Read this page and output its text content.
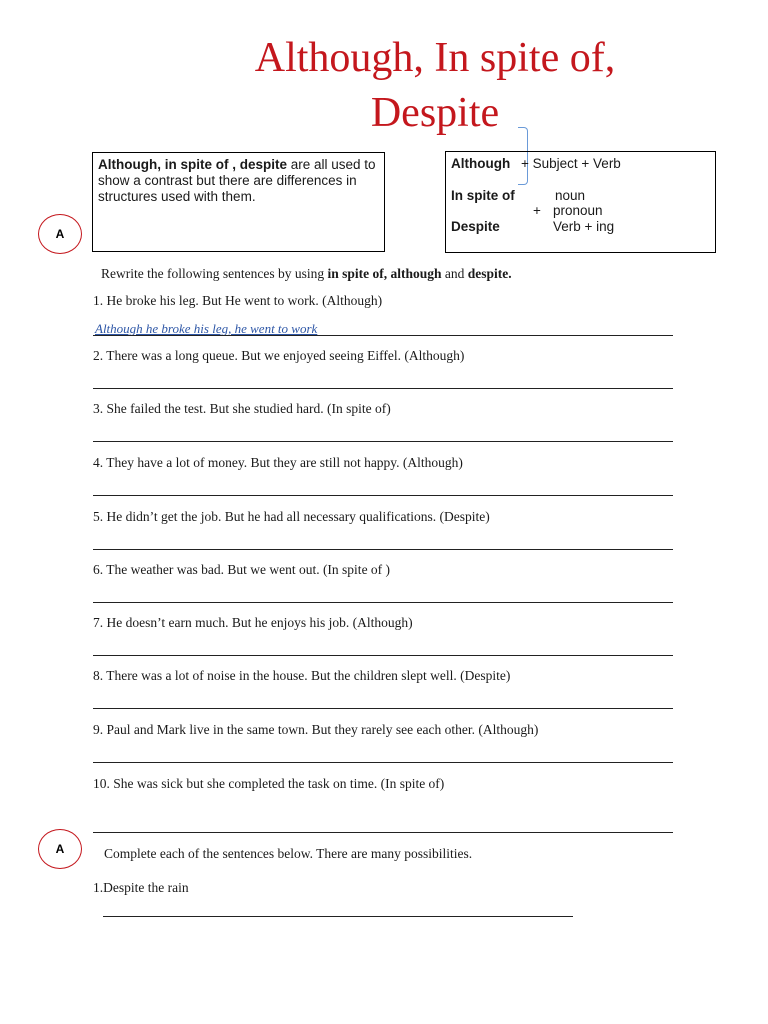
Although, In spite of,
Despite
Although, in spite of , despite are all used to show a contrast but there are differences in structures used with them.
Although + Subject + Verb
In spite of	noun
+ pronoun
Despite	Verb + ing
A
Rewrite the following sentences by using in spite of, although and despite.
1. He broke his leg. But He went to work. (Although)
Although he broke his leg, he went to work
2. There was a long queue. But we enjoyed seeing Eiffel. (Although)
3. She failed the test. But she studied hard. (In spite of)
4. They have a lot of money. But they are still not happy. (Although)
5. He didn’t get the job. But he had all necessary qualifications. (Despite)
6. The weather was bad. But we went out. (In spite of )
7. He doesn’t earn much. But he enjoys his job. (Although)
8. There was a lot of noise in the house. But the children slept well. (Despite)
9. Paul and Mark live in the same town. But they rarely see each other. (Although)
10. She was sick but she completed the task on time. (In spite of)
A	Complete each of the sentences below. There are many possibilities.
1.Despite the rain
